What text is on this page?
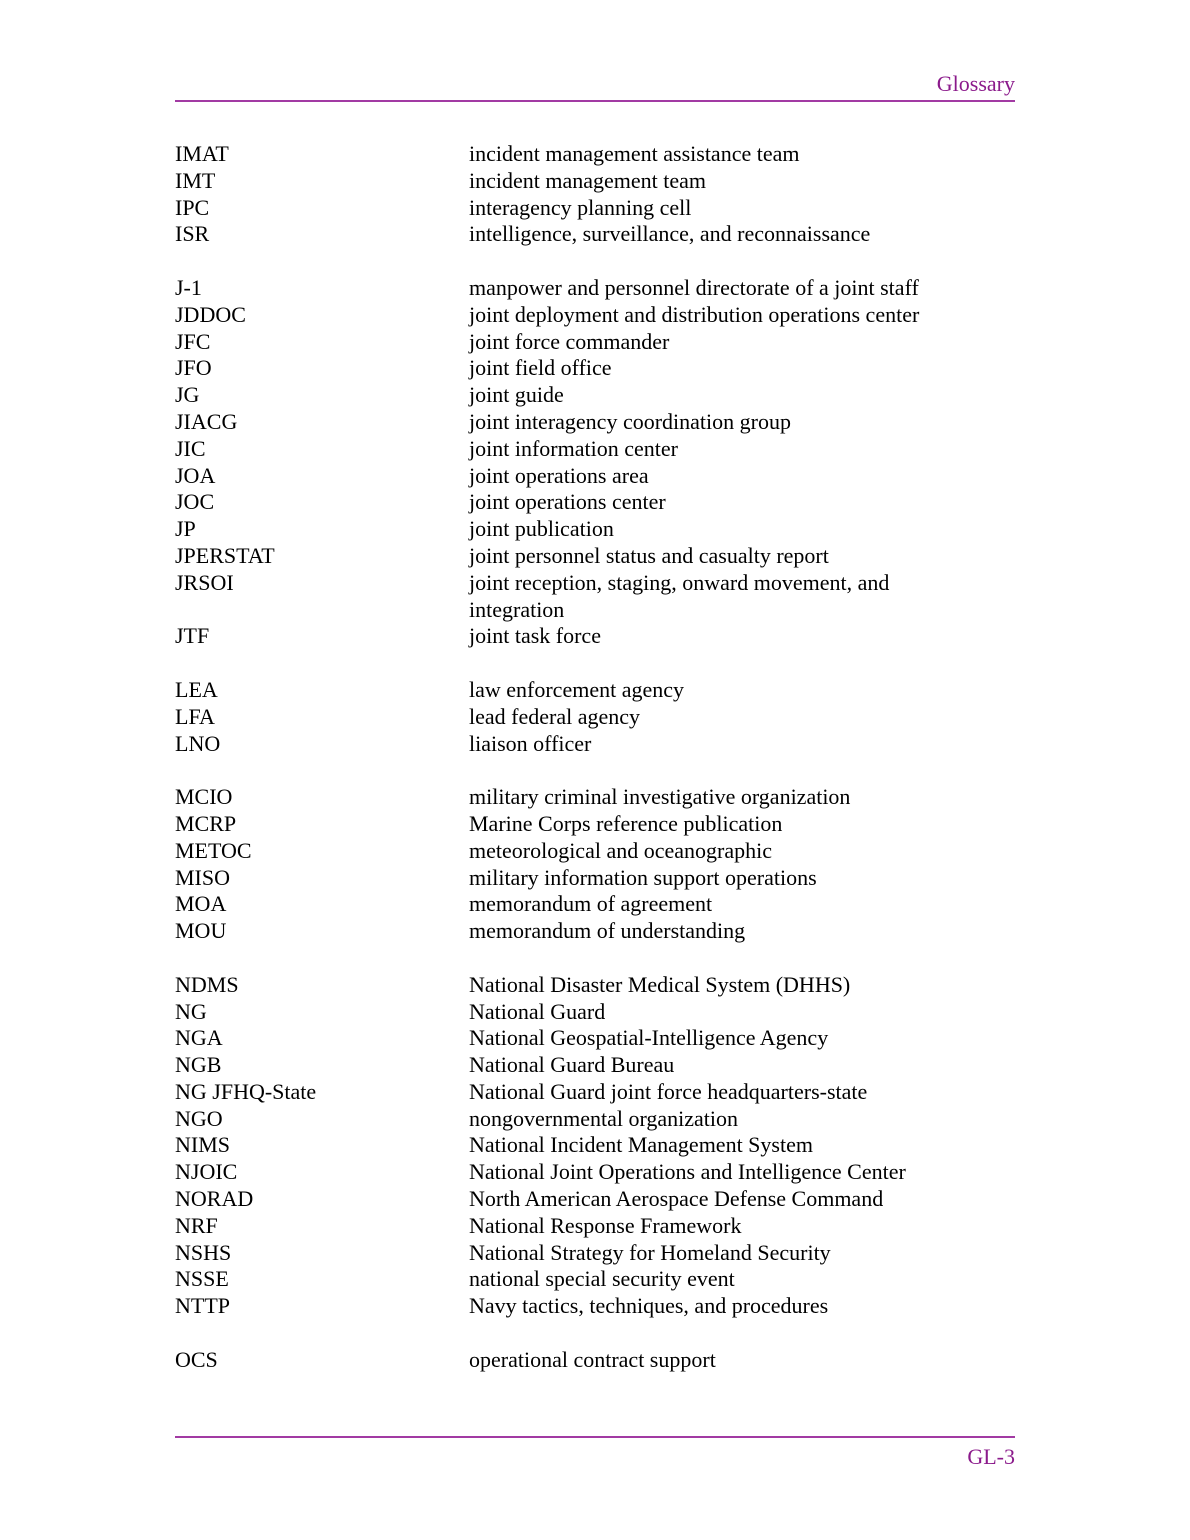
Glossary
IMAT	incident management assistance team
IMT	incident management team
IPC	interagency planning cell
ISR	intelligence, surveillance, and reconnaissance
J-1	manpower and personnel directorate of a joint staff
JDDOC	joint deployment and distribution operations center
JFC	joint force commander
JFO	joint field office
JG	joint guide
JIACG	joint interagency coordination group
JIC	joint information center
JOA	joint operations area
JOC	joint operations center
JP	joint publication
JPERSTAT	joint personnel status and casualty report
JRSOI	joint reception, staging, onward movement, and integration
JTF	joint task force
LEA	law enforcement agency
LFA	lead federal agency
LNO	liaison officer
MCIO	military criminal investigative organization
MCRP	Marine Corps reference publication
METOC	meteorological and oceanographic
MISO	military information support operations
MOA	memorandum of agreement
MOU	memorandum of understanding
NDMS	National Disaster Medical System (DHHS)
NG	National Guard
NGA	National Geospatial-Intelligence Agency
NGB	National Guard Bureau
NG JFHQ-State	National Guard joint force headquarters-state
NGO	nongovernmental organization
NIMS	National Incident Management System
NJOIC	National Joint Operations and Intelligence Center
NORAD	North American Aerospace Defense Command
NRF	National Response Framework
NSHS	National Strategy for Homeland Security
NSSE	national special security event
NTTP	Navy tactics, techniques, and procedures
OCS	operational contract support
GL-3
